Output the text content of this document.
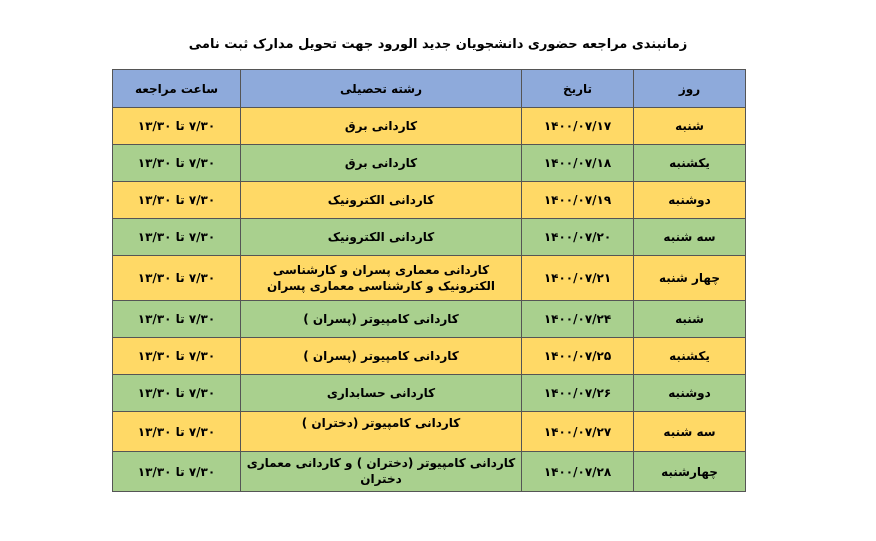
زمانبندی مراجعه حضوری دانشجویان جدید الورود جهت تحویل مدارک ثبت نامی
روز	تاریخ	رشته تحصیلی	ساعت مراجعه
شنبه	۱۴۰۰/۰۷/۱۷	کاردانی برق	۷/۳۰ تا ۱۳/۳۰
یکشنبه	۱۴۰۰/۰۷/۱۸	کاردانی برق	۷/۳۰ تا ۱۳/۳۰
دوشنبه	۱۴۰۰/۰۷/۱۹	کاردانی الکترونیک	۷/۳۰ تا ۱۳/۳۰
سه شنبه	۱۴۰۰/۰۷/۲۰	کاردانی الکترونیک	۷/۳۰ تا ۱۳/۳۰
چهار شنبه	۱۴۰۰/۰۷/۲۱	کاردانی معماری پسران و کارشناسی الکترونیک و کارشناسی معماری پسران	۷/۳۰ تا ۱۳/۳۰
شنبه	۱۴۰۰/۰۷/۲۴	کاردانی کامپیوتر (پسران )	۷/۳۰ تا ۱۳/۳۰
یکشنبه	۱۴۰۰/۰۷/۲۵	کاردانی کامپیوتر (پسران )	۷/۳۰ تا ۱۳/۳۰
دوشنبه	۱۴۰۰/۰۷/۲۶	کاردانی حسابداری	۷/۳۰ تا ۱۳/۳۰
سه شنبه	۱۴۰۰/۰۷/۲۷	کاردانی کامپیوتر (دختران )	۷/۳۰ تا ۱۳/۳۰
چهارشنبه	۱۴۰۰/۰۷/۲۸	کاردانی کامپیوتر (دختران ) و کاردانی معماری دختران	۷/۳۰ تا ۱۳/۳۰
